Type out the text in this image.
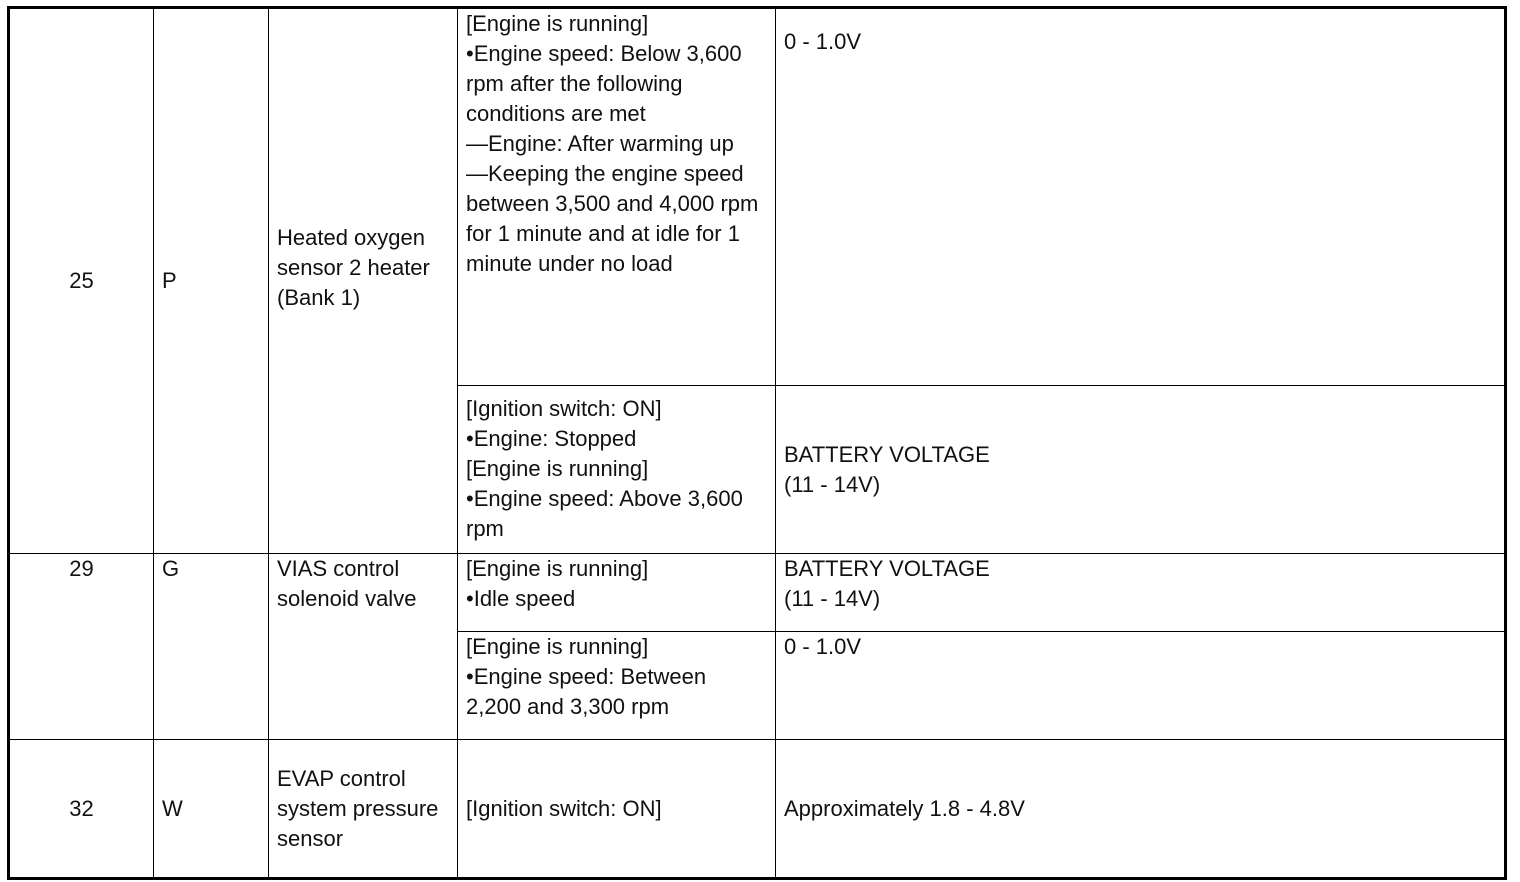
25	P	Heated oxygen sensor 2 heater (Bank 1)	[Engine is running]
•Engine speed: Below 3,600 rpm after the following conditions are met
—Engine: After warming up
—Keeping the engine speed between 3,500 and 4,000 rpm for 1 minute and at idle for 1 minute under no load	0 - 1.0V

			[Ignition switch: ON]
•Engine: Stopped
[Engine is running]
•Engine speed: Above 3,600 rpm	BATTERY VOLTAGE
(11 - 14V)

29	G	VIAS control solenoid valve	[Engine is running]
•Idle speed	BATTERY VOLTAGE
(11 - 14V)

			[Engine is running]
•Engine speed: Between 2,200 and 3,300 rpm	0 - 1.0V

32	W	EVAP control system pressure sensor	[Ignition switch: ON]	Approximately 1.8 - 4.8V
